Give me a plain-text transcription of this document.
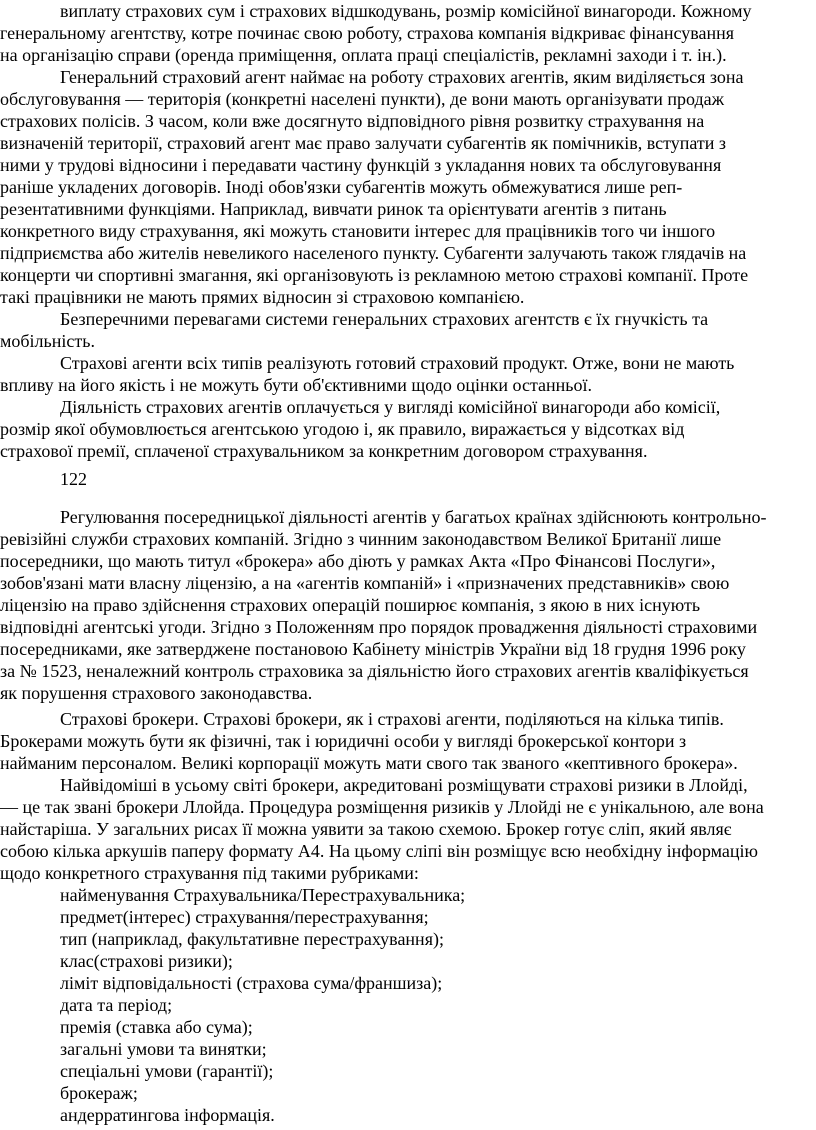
виплату страхових сум і страхових відшкодувань, розмір комісійної винагороди. Кожному
генеральному агентству, котре починає свою роботу, страхова компанія відкриває фінансування
на організацію справи (оренда приміщення, оплата праці спеціалістів, рекламні заходи і т. ін.).
Генеральний страховий агент наймає на роботу страхових агентів, яким виділяється зона
обслуговування — територія (конкретні населені пункти), де вони мають організувати продаж
страхових полісів. З часом, коли вже досягнуто відповідного рівня розвитку страхування на
визначеній території, страховий агент має право залучати субагентів як помічників, вступати з
ними у трудові відносини і передавати частину функцій з укладання нових та обслуговування
раніше укладених договорів. Іноді обов'язки субагентів можуть обмежуватися лише реп-
резентативними функціями. Наприклад, вивчати ринок та орієнтувати агентів з питань
конкретного виду страхування, які можуть становити інтерес для працівників того чи іншого
підприємства або жителів невеликого населеного пункту. Субагенти залучають також глядачів на
концерти чи спортивні змагання, які організовують із рекламною метою страхові компанії. Проте
такі працівники не мають прямих відносин зі страховою компанією.
Безперечними перевагами системи генеральних страхових агентств є їх гнучкість та
мобільність.
Страхові агенти всіх типів реалізують готовий страховий продукт. Отже, вони не мають
впливу на його якість і не можуть бути об'єктивними щодо оцінки останньої.
Діяльність страхових агентів оплачується у вигляді комісійної винагороди або комісії,
розмір якої обумовлюється агентською угодою і, як правило, виражається у відсотках від
страхової премії, сплаченої страхувальником за конкретним договором страхування.
122
Регулювання посередницької діяльності агентів у багатьох країнах здійснюють контрольно-
ревізійні служби страхових компаній. Згідно з чинним законодавством Великої Британії лише
посередники, що мають титул «брокера» або діють у рамках Акта «Про Фінансові Послуги»,
зобов'язані мати власну ліцензію, а на «агентів компаній» і «призначених представників» свою
ліцензію на право здійснення страхових операцій поширює компанія, з якою в них існують
відповідні агентські угоди. Згідно з Положенням про порядок провадження діяльності страховими
посередниками, яке затверджене постановою Кабінету міністрів України від 18 грудня 1996 року
за № 1523, неналежний контроль страховика за діяльністю його страхових агентів кваліфікується
як порушення страхового законодавства.
Страхові брокери. Страхові брокери, як і страхові агенти, поділяються на кілька типів.
Брокерами можуть бути як фізичні, так і юридичні особи у вигляді брокерської контори з
найманим персоналом. Великі корпорації можуть мати свого так званого «кептивного брокера».
Найвідоміші в усьому світі брокери, акредитовані розміщувати страхові ризики в Ллойді,
— це так звані брокери Ллойда. Процедура розміщення ризиків у Ллойді не є унікальною, але вона
найстаріша. У загальних рисах її можна уявити за такою схемою. Брокер готує сліп, який являє
собою кілька аркушів паперу формату А4. На цьому сліпі він розміщує всю необхідну інформацію
щодо конкретного страхування під такими рубриками:
найменування Страхувальника/Перестрахувальника;
предмет(інтерес) страхування/перестрахування;
тип (наприклад, факультативне перестрахування);
клас(страхові ризики);
ліміт відповідальності (страхова сума/франшиза);
дата та період;
премія (ставка або сума);
загальні умови та винятки;
спеціальні умови (гарантії);
брокераж;
андерратингова інформація.
